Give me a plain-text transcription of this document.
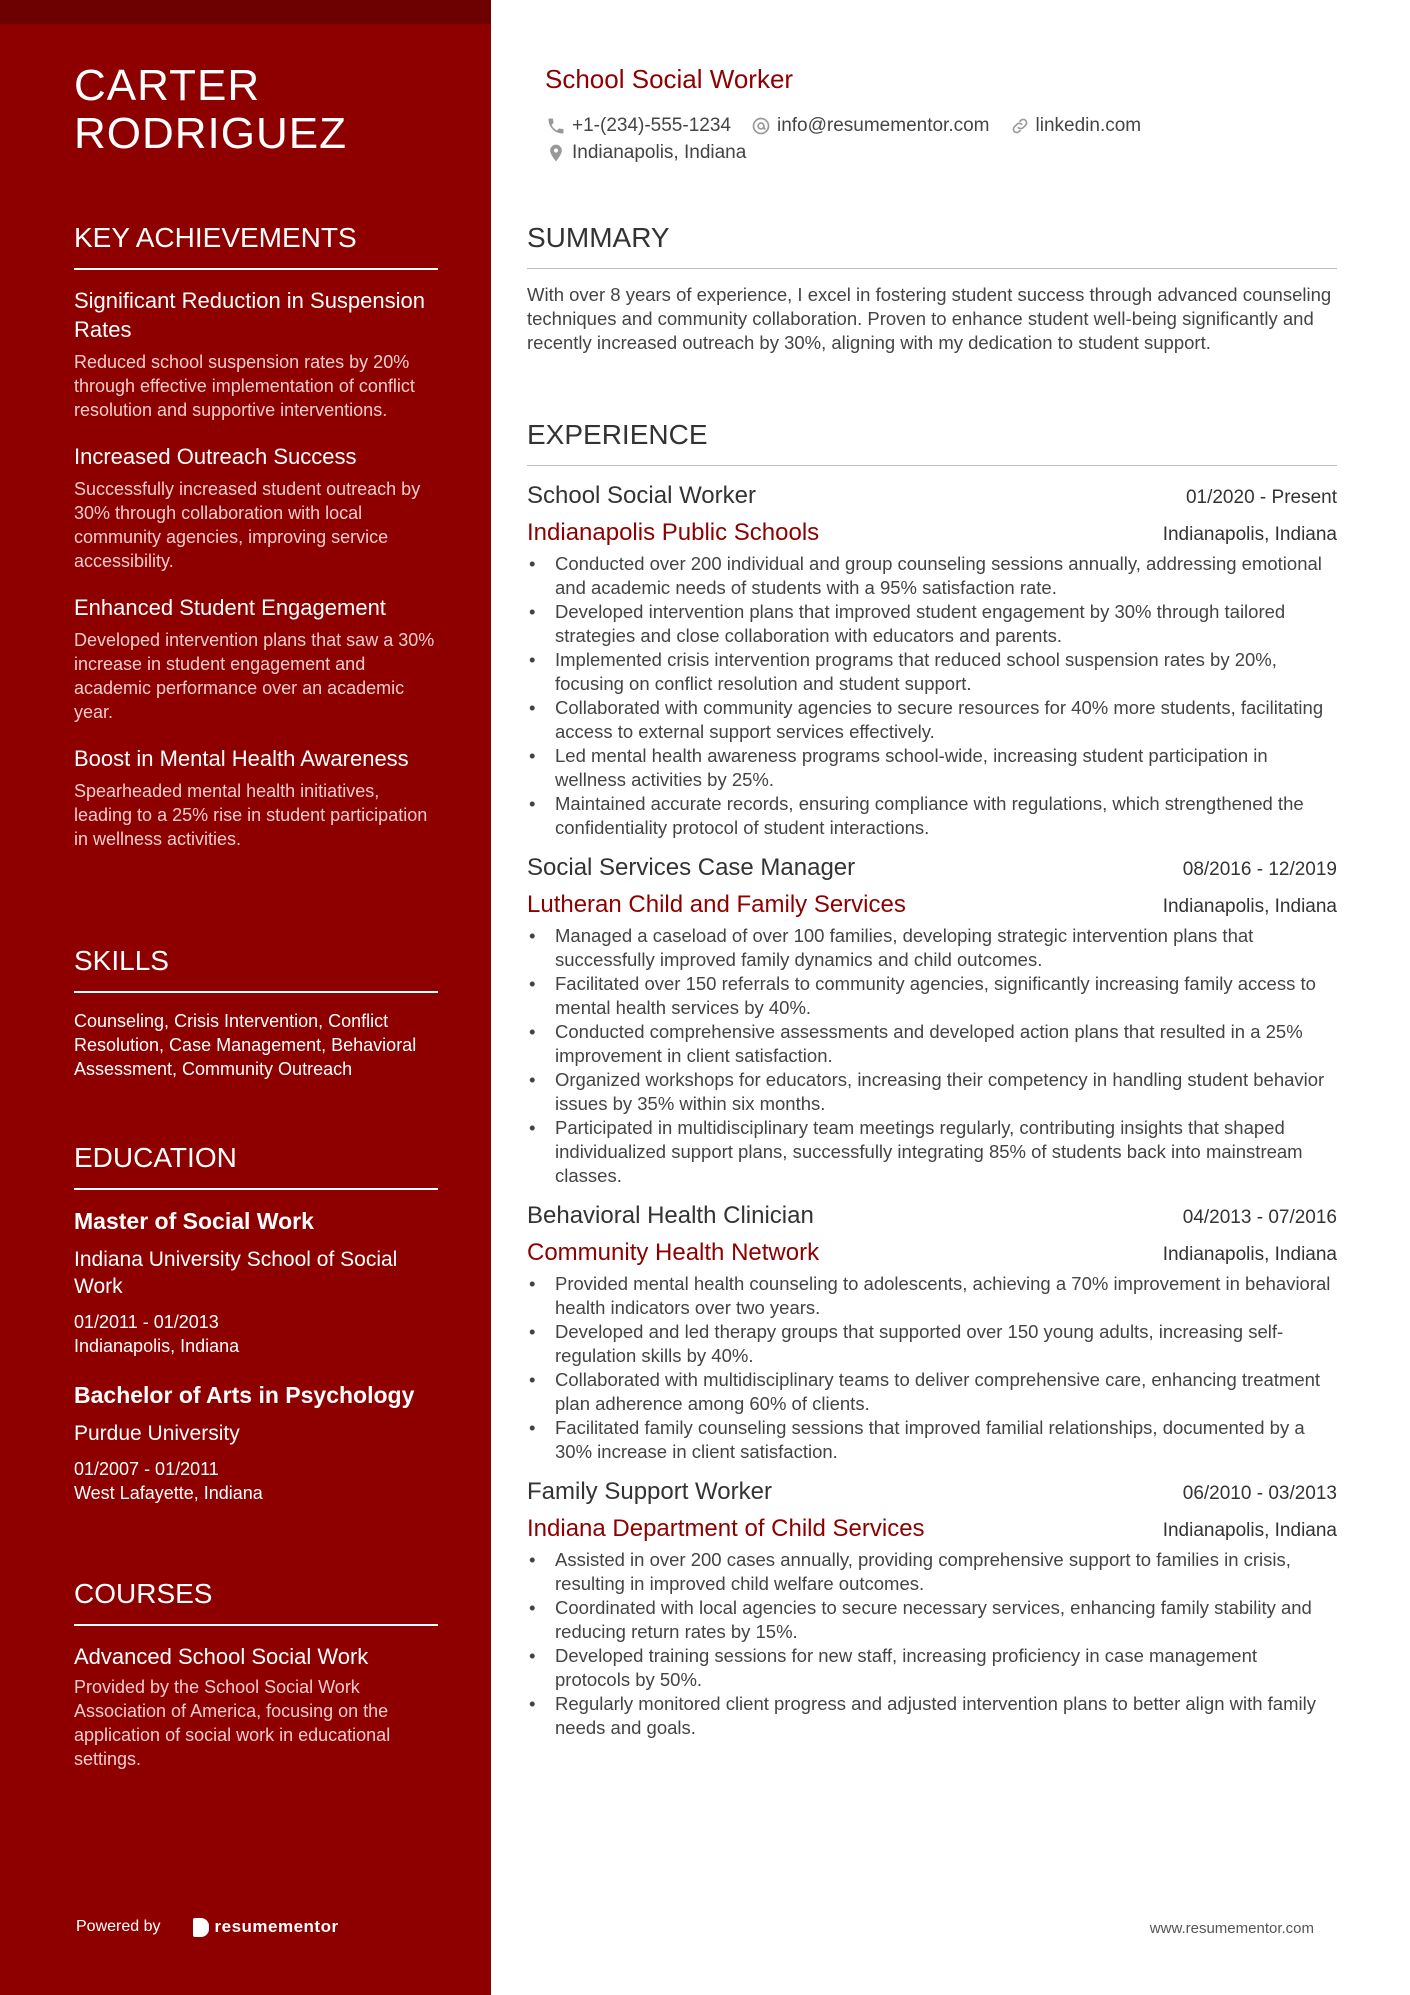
CARTER
RODRIGUEZ
KEY ACHIEVEMENTS
Significant Reduction in Suspension Rates
Reduced school suspension rates by 20% through effective implementation of conflict resolution and supportive interventions.
Increased Outreach Success
Successfully increased student outreach by 30% through collaboration with local community agencies, improving service accessibility.
Enhanced Student Engagement
Developed intervention plans that saw a 30% increase in student engagement and academic performance over an academic year.
Boost in Mental Health Awareness
Spearheaded mental health initiatives, leading to a 25% rise in student participation in wellness activities.
SKILLS
Counseling, Crisis Intervention, Conflict Resolution, Case Management, Behavioral Assessment, Community Outreach
EDUCATION
Master of Social Work
Indiana University School of Social Work
01/2011 - 01/2013
Indianapolis, Indiana
Bachelor of Arts in Psychology
Purdue University
01/2007 - 01/2011
West Lafayette, Indiana
COURSES
Advanced School Social Work
Provided by the School Social Work Association of America, focusing on the application of social work in educational settings.
Powered by	resumementor
School Social Worker
+1-(234)-555-1234 info@resumementor.com linkedin.com
Indianapolis, Indiana
SUMMARY
With over 8 years of experience, I excel in fostering student success through advanced counseling techniques and community collaboration. Proven to enhance student well-being significantly and recently increased outreach by 30%, aligning with my dedication to student support.
EXPERIENCE
School Social Worker	01/2020 - Present
Indianapolis Public Schools	Indianapolis, Indiana
• Conducted over 200 individual and group counseling sessions annually, addressing emotional and academic needs of students with a 95% satisfaction rate.
• Developed intervention plans that improved student engagement by 30% through tailored strategies and close collaboration with educators and parents.
• Implemented crisis intervention programs that reduced school suspension rates by 20%, focusing on conflict resolution and student support.
• Collaborated with community agencies to secure resources for 40% more students, facilitating access to external support services effectively.
• Led mental health awareness programs school-wide, increasing student participation in wellness activities by 25%.
• Maintained accurate records, ensuring compliance with regulations, which strengthened the confidentiality protocol of student interactions.
Social Services Case Manager	08/2016 - 12/2019
Lutheran Child and Family Services	Indianapolis, Indiana
• Managed a caseload of over 100 families, developing strategic intervention plans that successfully improved family dynamics and child outcomes.
• Facilitated over 150 referrals to community agencies, significantly increasing family access to mental health services by 40%.
• Conducted comprehensive assessments and developed action plans that resulted in a 25% improvement in client satisfaction.
• Organized workshops for educators, increasing their competency in handling student behavior issues by 35% within six months.
• Participated in multidisciplinary team meetings regularly, contributing insights that shaped individualized support plans, successfully integrating 85% of students back into mainstream classes.
Behavioral Health Clinician	04/2013 - 07/2016
Community Health Network	Indianapolis, Indiana
• Provided mental health counseling to adolescents, achieving a 70% improvement in behavioral health indicators over two years.
• Developed and led therapy groups that supported over 150 young adults, increasing self-regulation skills by 40%.
• Collaborated with multidisciplinary teams to deliver comprehensive care, enhancing treatment plan adherence among 60% of clients.
• Facilitated family counseling sessions that improved familial relationships, documented by a 30% increase in client satisfaction.
Family Support Worker	06/2010 - 03/2013
Indiana Department of Child Services	Indianapolis, Indiana
• Assisted in over 200 cases annually, providing comprehensive support to families in crisis, resulting in improved child welfare outcomes.
• Coordinated with local agencies to secure necessary services, enhancing family stability and reducing return rates by 15%.
• Developed training sessions for new staff, increasing proficiency in case management protocols by 50%.
• Regularly monitored client progress and adjusted intervention plans to better align with family needs and goals.
www.resumementor.com
